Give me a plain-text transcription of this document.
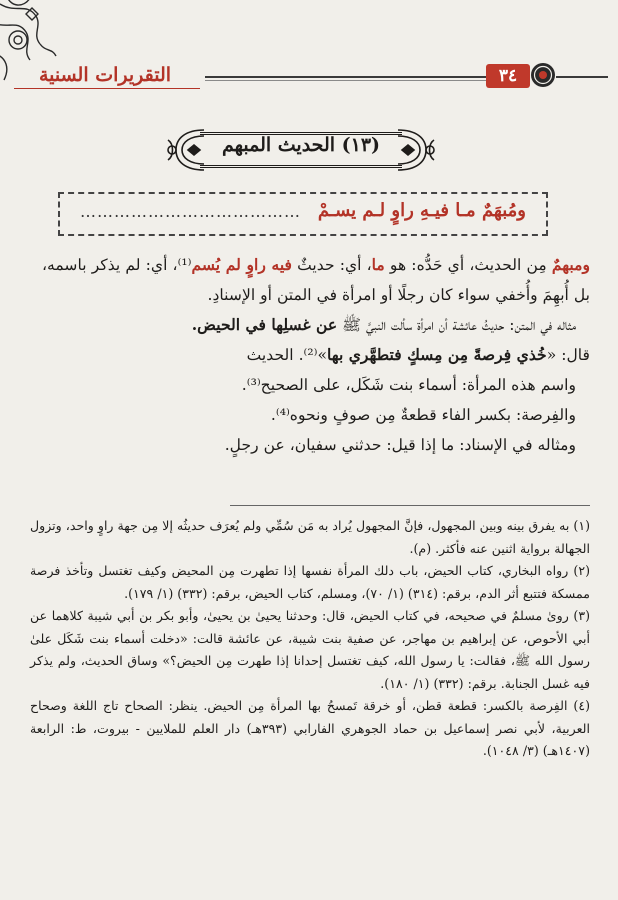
التقريرات السنية	٣٤
(١٣) الحديث المبهم
ومُبهَمٌ مـا فيـهِ راوٍ لـم يسـمْ
…………………………………

ومبهمٌ مِن الحديث، أي حَدُّه: هو ما، أي: حديثٌ فيه راوٍ لم يُسم⁽¹⁾، أي: لم يذكر باسمه، بل أُبهِمَ وأُخفي سواء كان رجلًا أو امرأة في المتن أو الإسنادِ.

مثاله في المتن: حديثُ عائشة أن امرأة سألت النبيَّ ﷺ عن غسلِها في الحيض.

قال: «خُذي فِرصةً مِن مِسكٍ فتطهَّري بها»⁽²⁾. الحديث

واسم هذه المرأة: أسماء بنت شَكَل، على الصحيح⁽³⁾.

والفِرصة: بكسر الفاء قطعةٌ مِن صوفٍ ونحوه⁽⁴⁾.

ومثاله في الإسناد: ما إذا قيل: حدثني سفيان، عن رجلٍ.

(١) به يفرق بينه وبين المجهول، فإنَّ المجهول يُراد به مَن سُمِّي ولم يُعرَف حديثُه إلا مِن جهة راوٍ واحد، وتزول الجهالة برواية اثنين عنه فأكثر. (م).

(٢) رواه البخاري، كتاب الحيض، باب دلك المرأة نفسها إذا تطهرت مِن المحيض وكيف تغتسل وتأخذ فرصة ممسكة فتتبع أثر الدم، برقم: (٣١٤) (١/ ٧٠)، ومسلم، كتاب الحيض، برقم: (٣٣٢) (١/ ١٧٩).

(٣) روىٰ مسلمٌ في صحيحه، في كتاب الحيض، قال: وحدثنا يحيىٰ بن يحيىٰ، وأبو بكر بن أبي شيبة كلاهما عن أبي الأحوص، عن إبراهيم بن مهاجر، عن صفية بنت شيبة، عن عائشة قالت: «دخلت أسماء بنت شَكَل علىٰ رسول الله ﷺ، فقالت: يا رسول الله، كيف تغتسل إحدانا إذا طهرت مِن الحيض؟» وساق الحديث، ولم يذكر فيه غسل الجنابة. برقم: (٣٣٢) (١/ ١٨٠).

(٤) الفِرصة بالكسر: قطعة قطن، أو خرقة تَمسحُ بها المرأة مِن الحيض. ينظر: الصحاح تاج اللغة وصحاح العربية، لأبي نصر إسماعيل بن حماد الجوهري الفارابي (٣٩٣هـ) دار العلم للملايين - بيروت، ط: الرابعة (١٤٠٧هـ) (٣/ ١٠٤٨).
